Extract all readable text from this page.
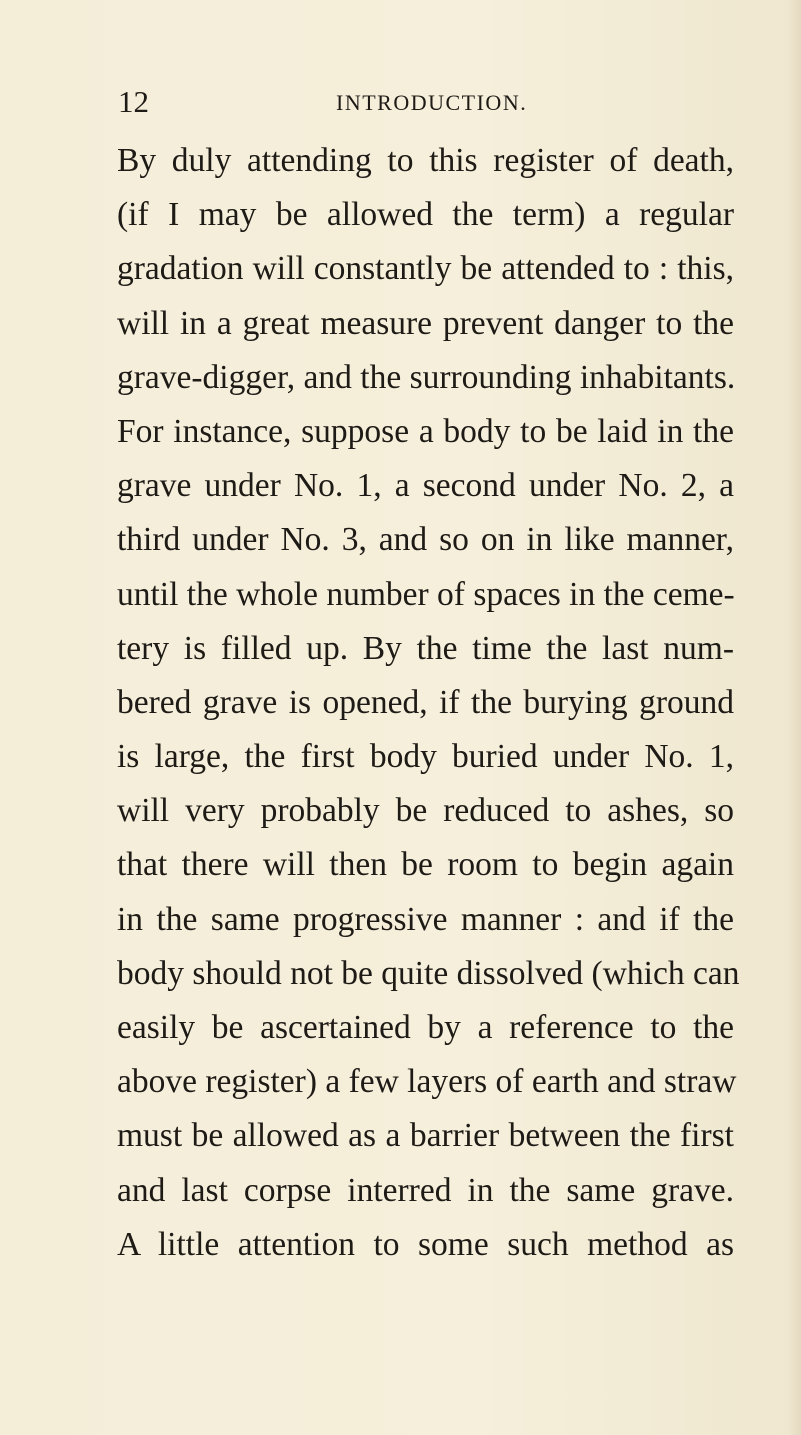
12	INTRODUCTION.
By duly attending to this register of death,
(if I may be allowed the term) a regular
gradation will constantly be attended to : this,
will in a great measure prevent danger to the
grave-digger, and the surrounding inhabitants.
For instance, suppose a body to be laid in the
grave under No. 1, a second under No. 2, a
third under No. 3, and so on in like manner,
until the whole number of spaces in the ceme-
tery is filled up. By the time the last num-
bered grave is opened, if the burying ground
is large, the first body buried under No. 1,
will very probably be reduced to ashes, so
that there will then be room to begin again
in the same progressive manner : and if the
body should not be quite dissolved (which can
easily be ascertained by a reference to the
above register) a few layers of earth and straw
must be allowed as a barrier between the first
and last corpse interred in the same grave.
A little attention to some such method as
